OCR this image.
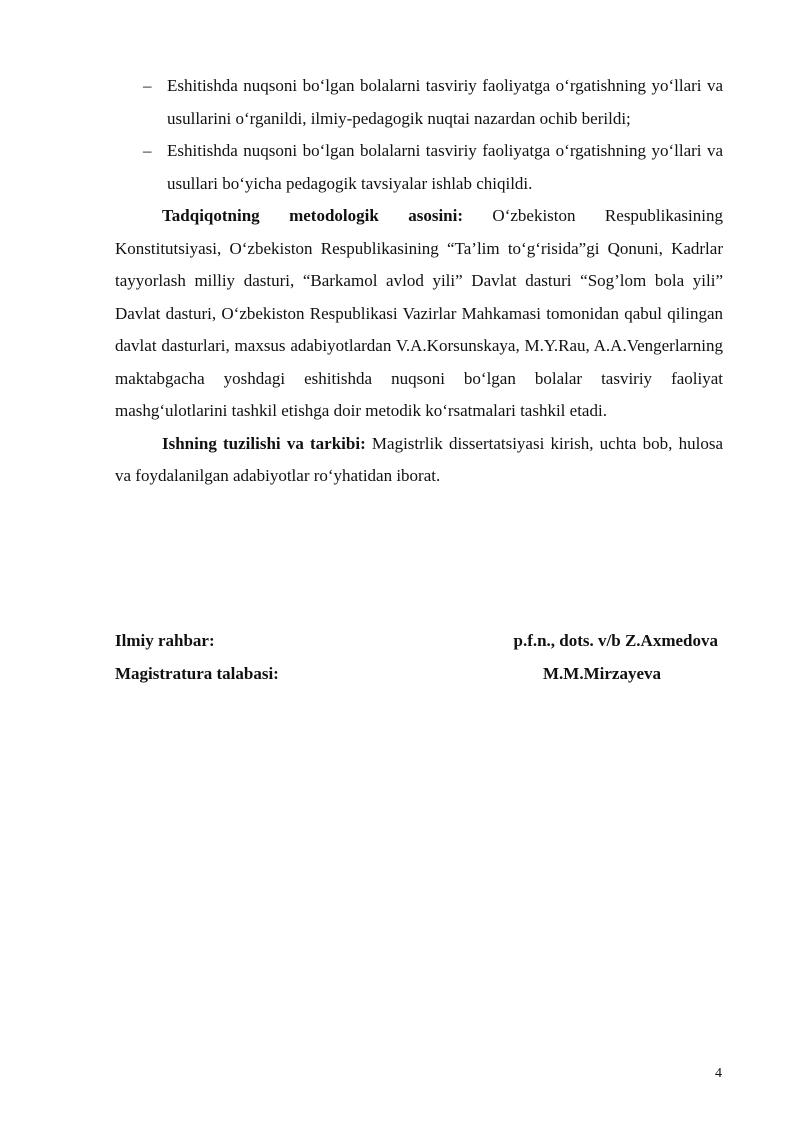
– Eshitishda nuqsoni bo‘lgan bolalarni tasviriy faoliyatga o‘rgatishning yo‘llari va usullarini o‘rganildi, ilmiy-pedagogik nuqtai nazardan ochib berildi;
– Eshitishda nuqsoni bo‘lgan bolalarni tasviriy faoliyatga o‘rgatishning yo‘llari va usullari bo‘yicha pedagogik tavsiyalar ishlab chiqildi.

Tadqiqotning metodologik asosini: O‘zbekiston Respublikasining Konstitutsiyasi, O‘zbekiston Respublikasining “Ta’lim to‘g‘risida”gi Qonuni, Kadrlar tayyorlash milliy dasturi, “Barkamol avlod yili” Davlat dasturi “Sog’lom bola yili” Davlat dasturi, O‘zbekiston Respublikasi Vazirlar Mahkamasi tomonidan qabul qilingan davlat dasturlari, maxsus adabiyotlardan V.A.Korsunskaya, M.Y.Rau, A.A.Vengerlarning maktabgacha yoshdagi eshitishda nuqsoni bo‘lgan bolalar tasviriy faoliyat mashg‘ulotlarini tashkil etishga doir metodik ko‘rsatmalari tashkil etadi.

Ishning tuzilishi va tarkibi: Magistrlik dissertatsiyasi kirish, uchta bob, hulosa va foydalanilgan adabiyotlar ro‘yhatidan iborat.

Ilmiy rahbar:	p.f.n., dots. v/b Z.Axmedova
Magistratura talabasi:	M.M.Mirzayeva
4
